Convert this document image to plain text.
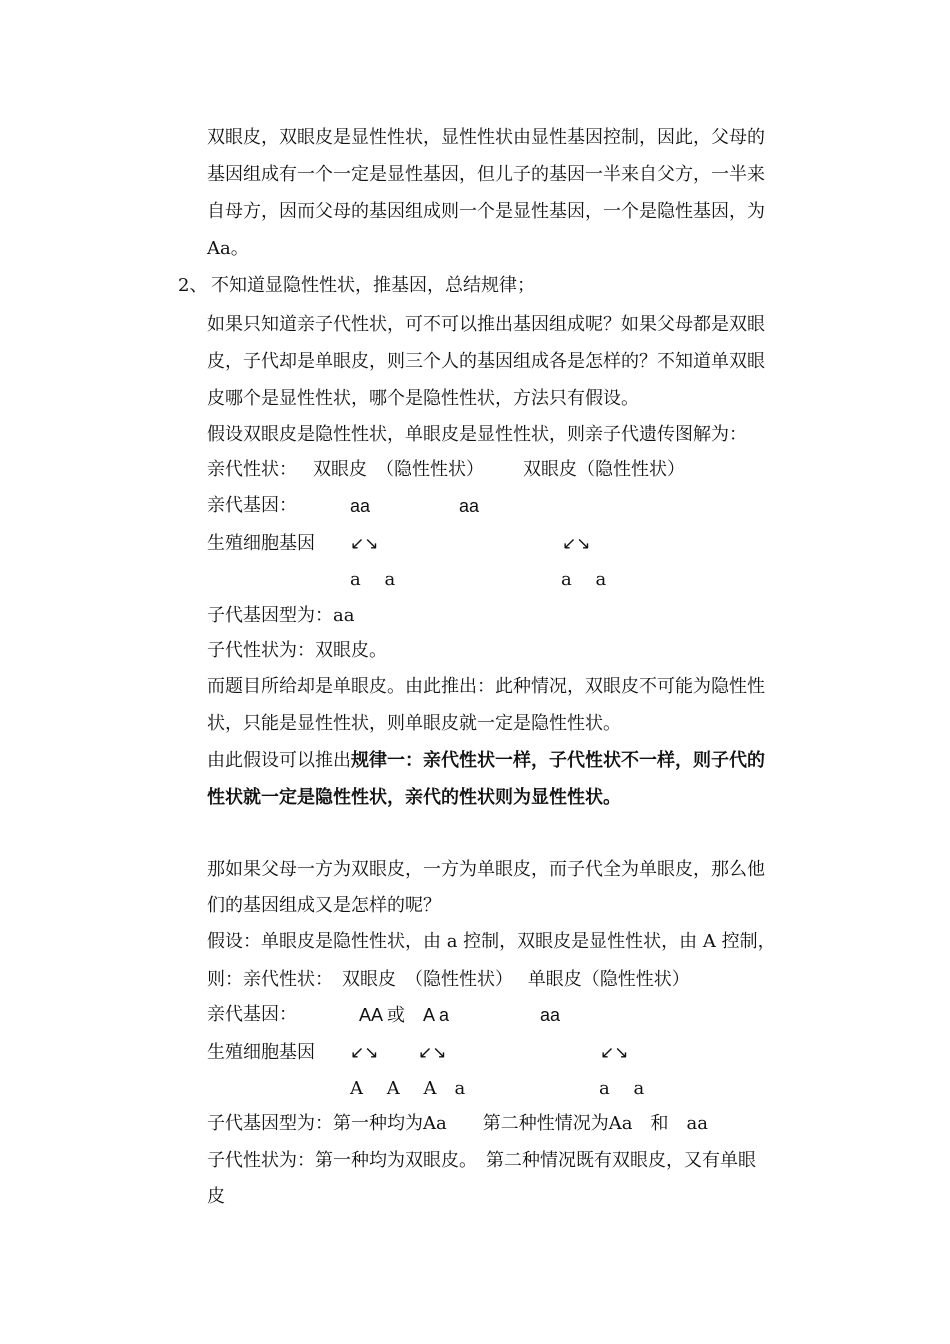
双眼皮，双眼皮是显性性状，显性性状由显性基因控制，因此，父母的
基因组成有一个一定是显性基因，但儿子的基因一半来自父方，一半来
自母方，因而父母的基因组成则一个是显性基因，一个是隐性基因，为
Aa。
2、 不知道显隐性性状，推基因，总结规律；
如果只知道亲子代性状，可不可以推出基因组成呢？如果父母都是双眼
皮，子代却是单眼皮，则三个人的基因组成各是怎样的？不知道单双眼
皮哪个是显性性状，哪个是隐性性状，方法只有假设。
假设双眼皮是隐性性状，单眼皮是显性性状，则亲子代遗传图解为：
亲代性状： 双眼皮　（隐性性状） 双眼皮（隐性性状）
亲代基因：	aa	aa
生殖细胞基因 ↙↘	↙↘
a　 a	a　 a
子代基因型为：aa
子代性状为：双眼皮。
而题目所给却是单眼皮。由此推出：此种情况，双眼皮不可能为隐性性
状，只能是显性性状，则单眼皮就一定是隐性性状。
由此假设可以推出规律一：亲代性状一样，子代性状不一样，则子代的
性状就一定是隐性性状，亲代的性状则为显性性状。
那如果父母一方为双眼皮，一方为单眼皮，而子代全为单眼皮，那么他
们的基因组成又是怎样的呢？
假设：单眼皮是隐性性状，由 a 控制，双眼皮是显性性状，由 A 控制，
则：亲代性状：　双眼皮　（隐性性状）　 单眼皮（隐性性状）
亲代基因：	AA 或　A a	aa
生殖细胞基因 ↙↘ ↙↘	↙↘
A　 A　 A　a	a　 a
子代基因型为：第一种均为Aa　　第二种性情况为Aa　和　aa
子代性状为：第一种均为双眼皮。　第二种情况既有双眼皮，又有单眼
皮
